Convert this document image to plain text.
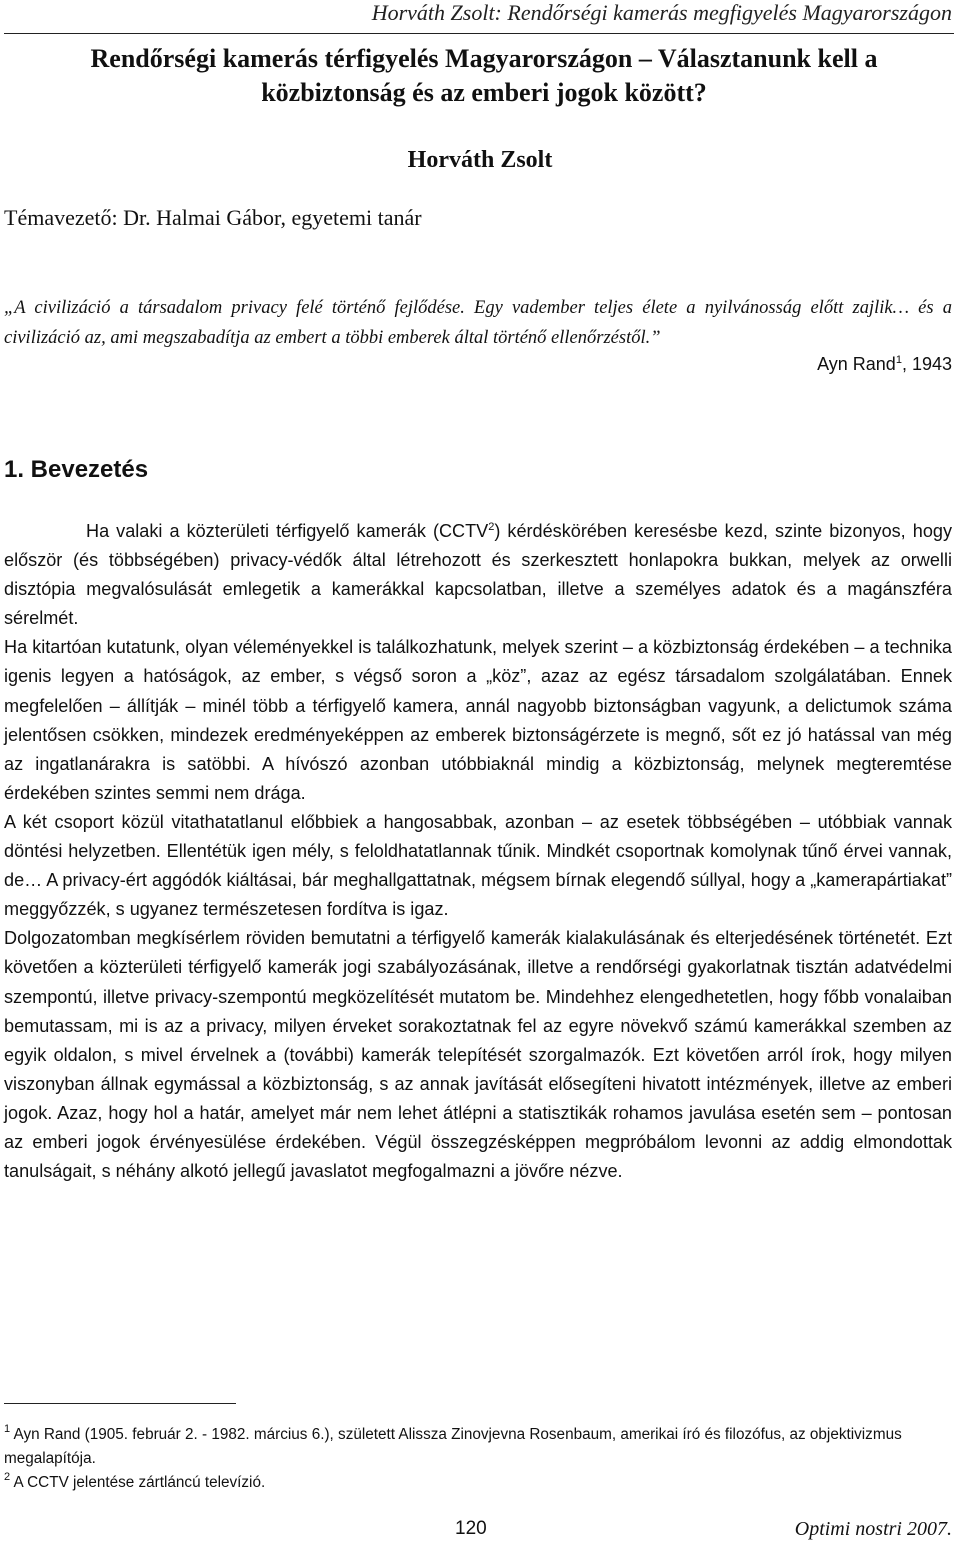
Horváth Zsolt: Rendőrségi kamerás megfigyelés Magyarországon
Rendőrségi kamerás térfigyelés Magyarországon – Választanunk kell a közbiztonság és az emberi jogok között?
Horváth Zsolt
Témavezető: Dr. Halmai Gábor, egyetemi tanár

„A civilizáció a társadalom privacy felé történő fejlődése. Egy vadember teljes élete a nyilvánosság előtt zajlik… és a civilizáció az, ami megszabadítja az embert a többi emberek által történő ellenőrzéstől.”

Ayn Rand$^1$, 1943
1. Bevezetés

Ha valaki a közterületi térfigyelő kamerák (CCTV$^2$) kérdéskörében keresésbe kezd, szinte bizonyos, hogy először (és többségében) privacy-védők által létrehozott és szerkesztett honlapokra bukkan, melyek az orwelli disztópia megvalósulását emlegetik a kamerákkal kapcsolatban, illetve a személyes adatok és a magánszféra sérelmét.

Ha kitartóan kutatunk, olyan véleményekkel is találkozhatunk, melyek szerint – a közbiztonság érdekében – a technika igenis legyen a hatóságok, az ember, s végső soron a „köz”, azaz az egész társadalom szolgálatában. Ennek megfelelően – állítják – minél több a térfigyelő kamera, annál nagyobb biztonságban vagyunk, a delictumok száma jelentősen csökken, mindezek eredményeképpen az emberek biztonságérzete is megnő, sőt ez jó hatással van még az ingatlanárakra is satöbbi. A hívószó azonban utóbbiaknál mindig a közbiztonság, melynek megteremtése érdekében szintes semmi nem drága.

A két csoport közül vitathatatlanul előbbiek a hangosabbak, azonban – az esetek többségében – utóbbiak vannak döntési helyzetben. Ellentétük igen mély, s feloldhatatlannak tűnik. Mindkét csoportnak komolynak tűnő érvei vannak, de… A privacy-ért aggódók kiáltásai, bár meghallgattatnak, mégsem bírnak elegendő súllyal, hogy a „kamerapártiakat” meggyőzzék, s ugyanez természetesen fordítva is igaz.

Dolgozatomban megkísérlem röviden bemutatni a térfigyelő kamerák kialakulásának és elterjedésének történetét. Ezt követően a közterületi térfigyelő kamerák jogi szabályozásának, illetve a rendőrségi gyakorlatnak tisztán adatvédelmi szempontú, illetve privacy-szempontú megközelítését mutatom be. Mindehhez elengedhetetlen, hogy főbb vonalaiban bemutassam, mi is az a privacy, milyen érveket sorakoztatnak fel az egyre növekvő számú kamerákkal szemben az egyik oldalon, s mivel érvelnek a (további) kamerák telepítését szorgalmazók. Ezt követően arról írok, hogy milyen viszonyban állnak egymással a közbiztonság, s az annak javítását elősegíteni hivatott intézmények, illetve az emberi jogok. Azaz, hogy hol a határ, amelyet már nem lehet átlépni a statisztikák rohamos javulása esetén sem – pontosan az emberi jogok érvényesülése érdekében. Végül összegzésképpen megpróbálom levonni az addig elmondottak tanulságait, s néhány alkotó jellegű javaslatot megfogalmazni a jövőre nézve.

$^1$ Ayn Rand (1905. február 2. - 1982. március 6.), született Alissza Zinovjevna Rosenbaum, amerikai író és filozófus, az objektivizmus megalapítója.

$^2$ A CCTV jelentése zártláncú televízió.

120	Optimi nostri 2007.
